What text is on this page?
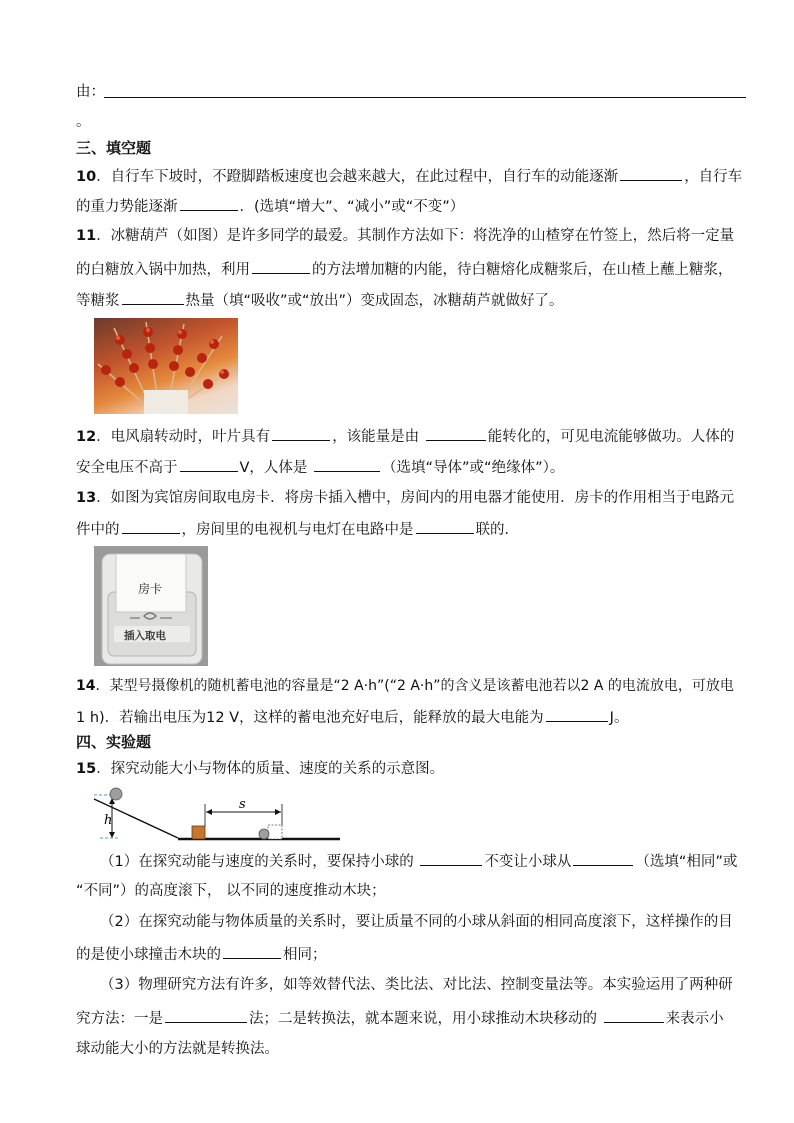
由：
。
三、填空题
10．自行车下坡时，不蹬脚踏板速度也会越来越大，在此过程中，自行车的动能逐渐	，自行车
的重力势能逐渐	．(选填“增大”、“减小”或“不变”）
11．冰糖葫芦（如图）是许多同学的最爱。其制作方法如下：将洗净的山楂穿在竹签上，然后将一定量
的白糖放入锅中加热，利用	的方法增加糖的内能，待白糖熔化成糖浆后，在山楂上蘸上糖浆，
等糖浆	热量（填“吸收”或“放出”）变成固态，冰糖葫芦就做好了。
12．电风扇转动时，叶片具有	，该能量是由	能转化的，可见电流能够做功。人体的
安全电压不高于	V，人体是	（选填“导体”或“绝缘体”）。
13．如图为宾馆房间取电房卡．将房卡插入槽中，房间内的用电器才能使用．房卡的作用相当于电路元
件中的	，房间里的电视机与电灯在电路中是	联的．
房卡
插入取电
14．某型号摄像机的随机蓄电池的容量是“2 A·h”(“2 A·h”的含义是该蓄电池若以2 A 的电流放电，可放电
1 h)．若输出电压为12 V，这样的蓄电池充好电后，能释放的最大电能为	J。
四、实验题
15．探究动能大小与物体的质量、速度的关系的示意图。
h
s
（1）在探究动能与速度的关系时，要保持小球的	不变让小球从	（选填“相同”或
“不同”）的高度滚下， 以不同的速度推动木块；
（2）在探究动能与物体质量的关系时，要让质量不同的小球从斜面的相同高度滚下，这样操作的目
的是使小球撞击木块的	相同；
（3）物理研究方法有许多，如等效替代法、类比法、对比法、控制变量法等。本实验运用了两种研
究方法：一是	法；二是转换法，就本题来说，用小球推动木块移动的	来表示小
球动能大小的方法就是转换法。
